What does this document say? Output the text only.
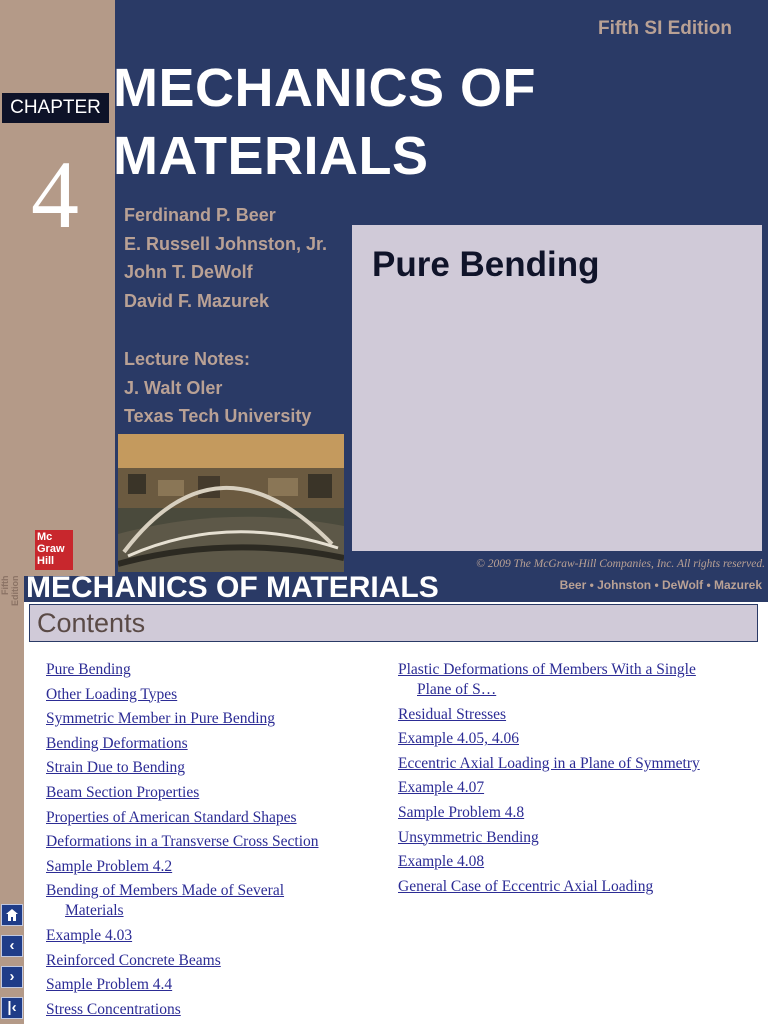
Fifth SI Edition
CHAPTER
4
MECHANICS OF
MATERIALS
Ferdinand P. Beer
E. Russell Johnston, Jr.
John T. DeWolf
David F. Mazurek
Lecture Notes:
J. Walt Oler
Texas Tech University
Pure Bending
Mc
Graw
Hill	© 2009 The McGraw-Hill Companies, Inc. All rights reserved.
Fifth Edition	Beer • Johnston • DeWolf • Mazurek
MECHANICS OF MATERIALS
Contents
Pure Bending
Other Loading Types
Symmetric Member in Pure Bending
Bending Deformations
Strain Due to Bending
Beam Section Properties
Properties of American Standard Shapes
Deformations in a Transverse Cross Section
Sample Problem 4.2
Bending of Members Made of Several
Materials
Example 4.03
Reinforced Concrete Beams
Sample Problem 4.4
Stress Concentrations
Plastic Deformations of Members With a Single
Plane of S…
Residual Stresses
Example 4.05, 4.06
Eccentric Axial Loading in a Plane of Symmetry
Example 4.07
Sample Problem 4.8
Unsymmetric Bending
Example 4.08
General Case of Eccentric Axial Loading
‹
›
|‹
